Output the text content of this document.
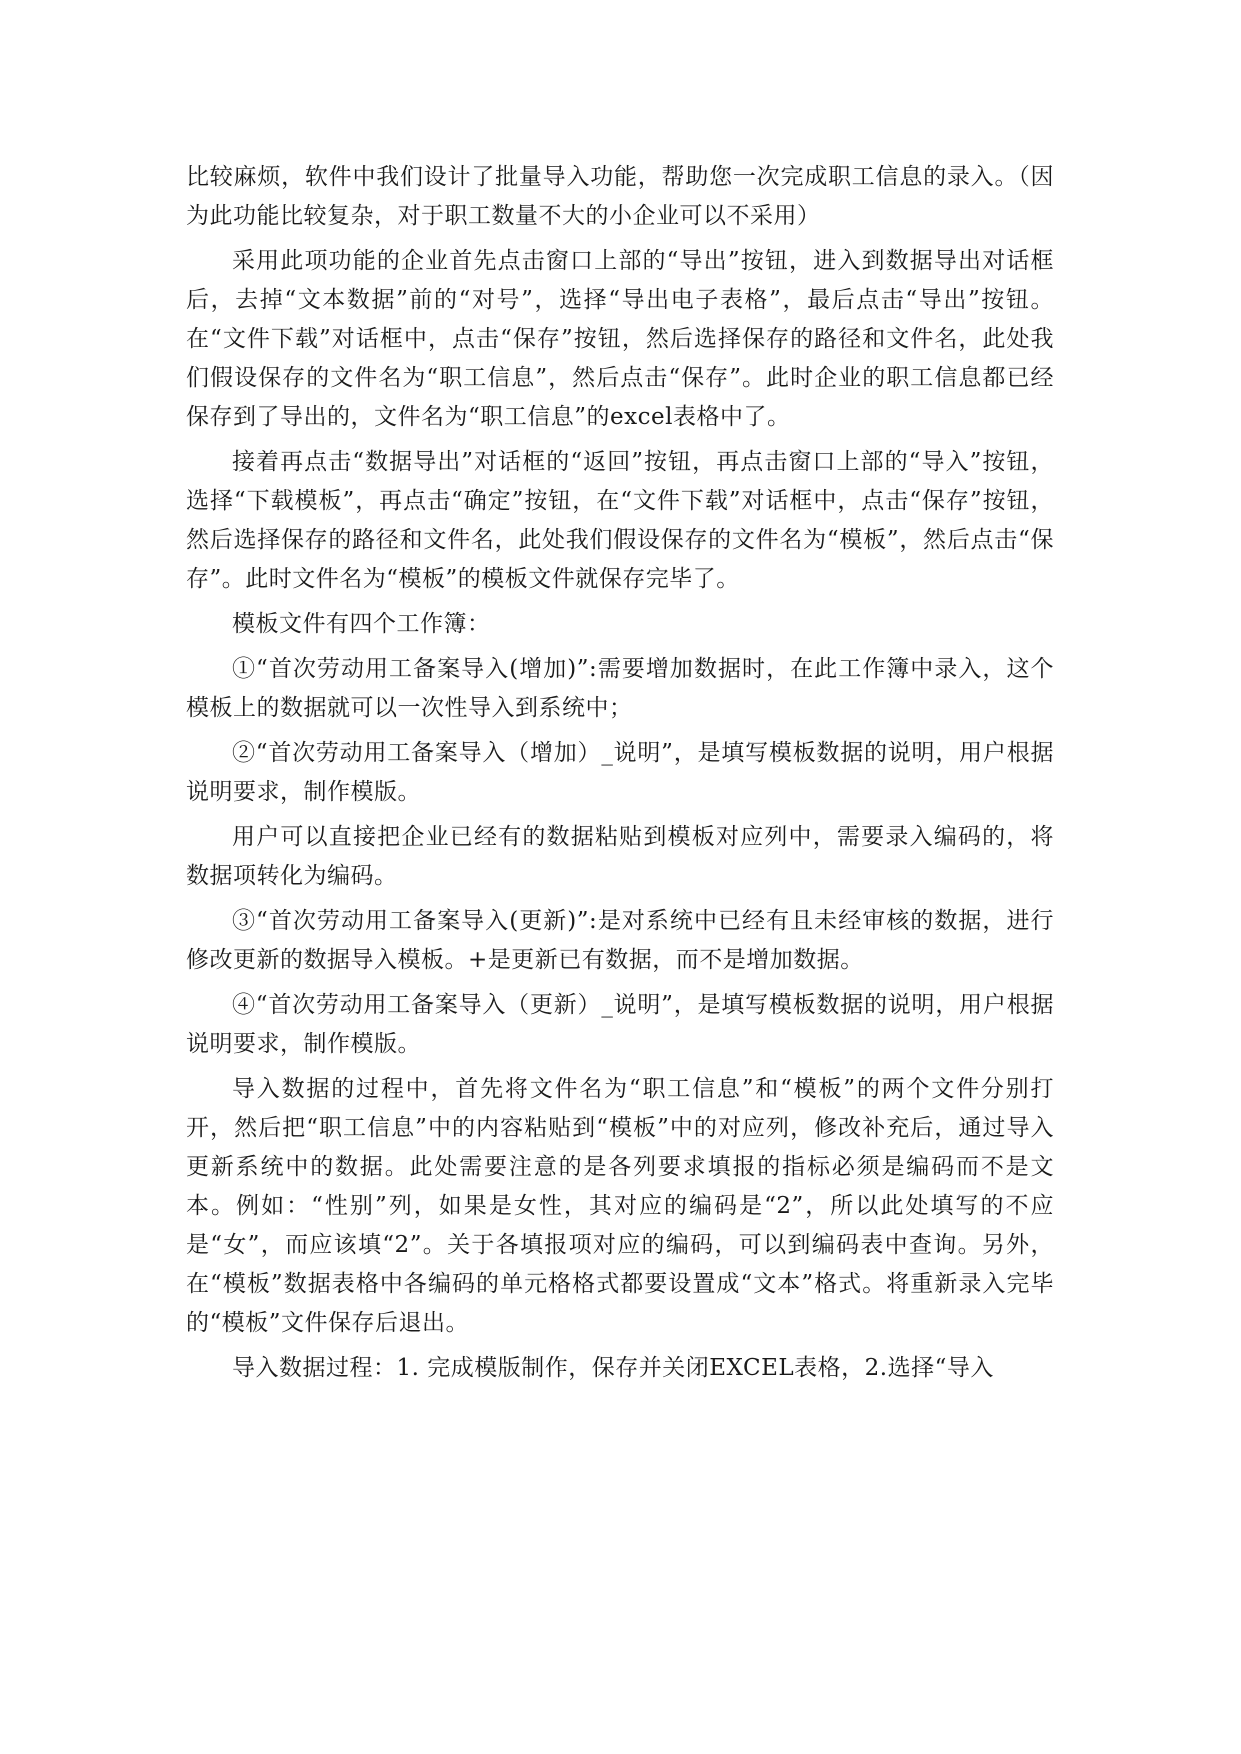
比较麻烦，软件中我们设计了批量导入功能，帮助您一次完成职工信息的录入。（因为此功能比较复杂，对于职工数量不大的小企业可以不采用）

采用此项功能的企业首先点击窗口上部的“导出”按钮，进入到数据导出对话框后，去掉“文本数据”前的“对号”，选择“导出电子表格”，最后点击“导出”按钮。在“文件下载”对话框中，点击“保存”按钮，然后选择保存的路径和文件名，此处我们假设保存的文件名为“职工信息”，然后点击“保存”。此时企业的职工信息都已经保存到了导出的，文件名为“职工信息”的excel表格中了。

接着再点击“数据导出”对话框的“返回”按钮，再点击窗口上部的“导入”按钮，选择“下载模板”，再点击“确定”按钮，在“文件下载”对话框中，点击“保存”按钮，然后选择保存的路径和文件名，此处我们假设保存的文件名为“模板”，然后点击“保存”。此时文件名为“模板”的模板文件就保存完毕了。

模板文件有四个工作簿：

①“首次劳动用工备案导入(增加)”:需要增加数据时，在此工作簿中录入，这个模板上的数据就可以一次性导入到系统中；

②“首次劳动用工备案导入（增加）_说明”，是填写模板数据的说明，用户根据说明要求，制作模版。

用户可以直接把企业已经有的数据粘贴到模板对应列中，需要录入编码的，将数据项转化为编码。

③“首次劳动用工备案导入(更新)”:是对系统中已经有且未经审核的数据，进行修改更新的数据导入模板。+是更新已有数据，而不是增加数据。

④“首次劳动用工备案导入（更新）_说明”，是填写模板数据的说明，用户根据说明要求，制作模版。

导入数据的过程中，首先将文件名为“职工信息”和“模板”的两个文件分别打开，然后把“职工信息”中的内容粘贴到“模板”中的对应列，修改补充后，通过导入更新系统中的数据。此处需要注意的是各列要求填报的指标必须是编码而不是文本。例如：“性别”列，如果是女性，其对应的编码是“2”，所以此处填写的不应是“女”，而应该填“2”。关于各填报项对应的编码，可以到编码表中查询。另外，在“模板”数据表格中各编码的单元格格式都要设置成“文本”格式。将重新录入完毕的“模板”文件保存后退出。

导入数据过程：1. 完成模版制作，保存并关闭EXCEL表格，2.选择“导入
